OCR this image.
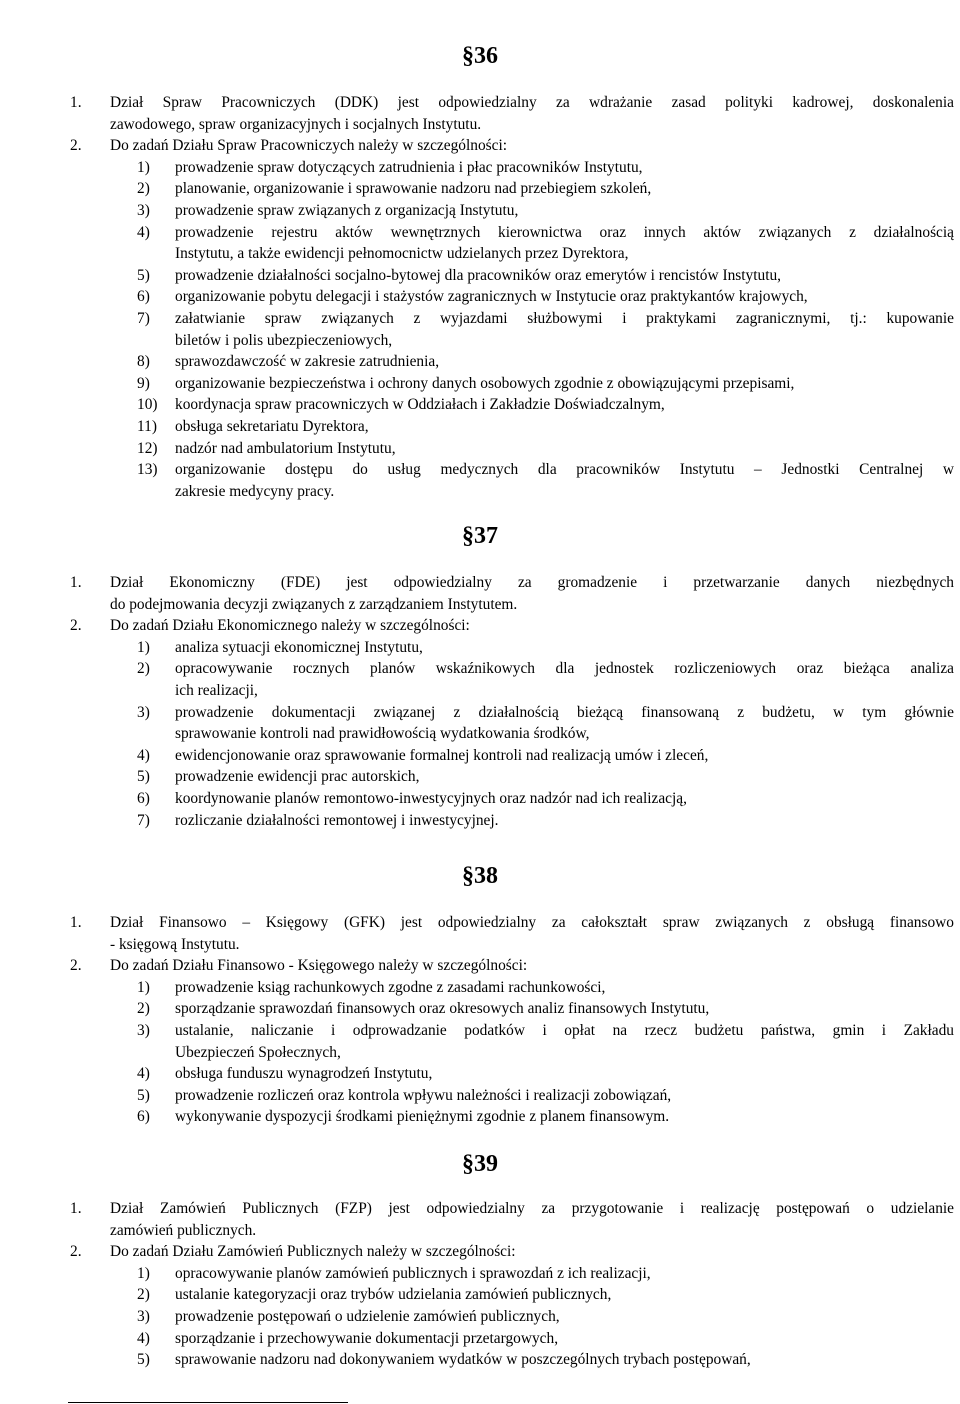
§36
1. Dział Spraw Pracowniczych (DDK) jest odpowiedzialny za wdrażanie zasad polityki kadrowej, doskonalenia
zawodowego, spraw organizacyjnych i socjalnych Instytutu.
2. Do zadań Działu Spraw Pracowniczych należy w szczególności:
1) prowadzenie spraw dotyczących zatrudnienia i płac pracowników Instytutu,
2) planowanie, organizowanie i sprawowanie nadzoru nad przebiegiem szkoleń,
3) prowadzenie spraw związanych z organizacją Instytutu,
4) prowadzenie rejestru aktów wewnętrznych kierownictwa oraz innych aktów związanych z działalnością
Instytutu, a także ewidencji pełnomocnictw udzielanych przez Dyrektora,
5) prowadzenie działalności socjalno-bytowej dla pracowników oraz emerytów i rencistów Instytutu,
6) organizowanie pobytu delegacji i stażystów zagranicznych w Instytucie oraz praktykantów krajowych,
7) załatwianie spraw związanych z wyjazdami służbowymi i praktykami zagranicznymi, tj.: kupowanie
biletów i polis ubezpieczeniowych,
8) sprawozdawczość w zakresie zatrudnienia,
9) organizowanie bezpieczeństwa i ochrony danych osobowych zgodnie z obowiązującymi przepisami,
10) koordynacja spraw pracowniczych w Oddziałach i Zakładzie Doświadczalnym,
11) obsługa sekretariatu Dyrektora,
12) nadzór nad ambulatorium Instytutu,
13) organizowanie dostępu do usług medycznych dla pracowników Instytutu – Jednostki Centralnej w
zakresie medycyny pracy.
§37
1. Dział Ekonomiczny (FDE) jest odpowiedzialny za gromadzenie i przetwarzanie danych niezbędnych
do podejmowania decyzji związanych z zarządzaniem Instytutem.
2. Do zadań Działu Ekonomicznego należy w szczególności:
1) analiza sytuacji ekonomicznej Instytutu,
2) opracowywanie rocznych planów wskaźnikowych dla jednostek rozliczeniowych oraz bieżąca analiza
ich realizacji,
3) prowadzenie dokumentacji związanej z działalnością bieżącą finansowaną z budżetu, w tym głównie
sprawowanie kontroli nad prawidłowością wydatkowania środków,
4) ewidencjonowanie oraz sprawowanie formalnej kontroli nad realizacją umów i zleceń,
5) prowadzenie ewidencji prac autorskich,
6) koordynowanie planów remontowo-inwestycyjnych oraz nadzór nad ich realizacją,
7) rozliczanie działalności remontowej i inwestycyjnej.
§38
1. Dział Finansowo – Księgowy (GFK) jest odpowiedzialny za całokształt spraw związanych z obsługą finansowo
- księgową Instytutu.
2. Do zadań Działu Finansowo - Księgowego należy w szczególności:
1) prowadzenie ksiąg rachunkowych zgodne z zasadami rachunkowości,
2) sporządzanie sprawozdań finansowych oraz okresowych analiz finansowych Instytutu,
3) ustalanie, naliczanie i odprowadzanie podatków i opłat na rzecz budżetu państwa, gmin i Zakładu
Ubezpieczeń Społecznych,
4) obsługa funduszu wynagrodzeń Instytutu,
5) prowadzenie rozliczeń oraz kontrola wpływu należności i realizacji zobowiązań,
6) wykonywanie dyspozycji środkami pieniężnymi zgodnie z planem finansowym.
§39
1. Dział Zamówień Publicznych (FZP) jest odpowiedzialny za przygotowanie i realizację postępowań o udzielanie
zamówień publicznych.
2. Do zadań Działu Zamówień Publicznych należy w szczególności:
1) opracowywanie planów zamówień publicznych i sprawozdań z ich realizacji,
2) ustalanie kategoryzacji oraz trybów udzielania zamówień publicznych,
3) prowadzenie postępowań o udzielenie zamówień publicznych,
4) sporządzanie i przechowywanie dokumentacji przetargowych,
5) sprawowanie nadzoru nad dokonywaniem wydatków w poszczególnych trybach postępowań,
